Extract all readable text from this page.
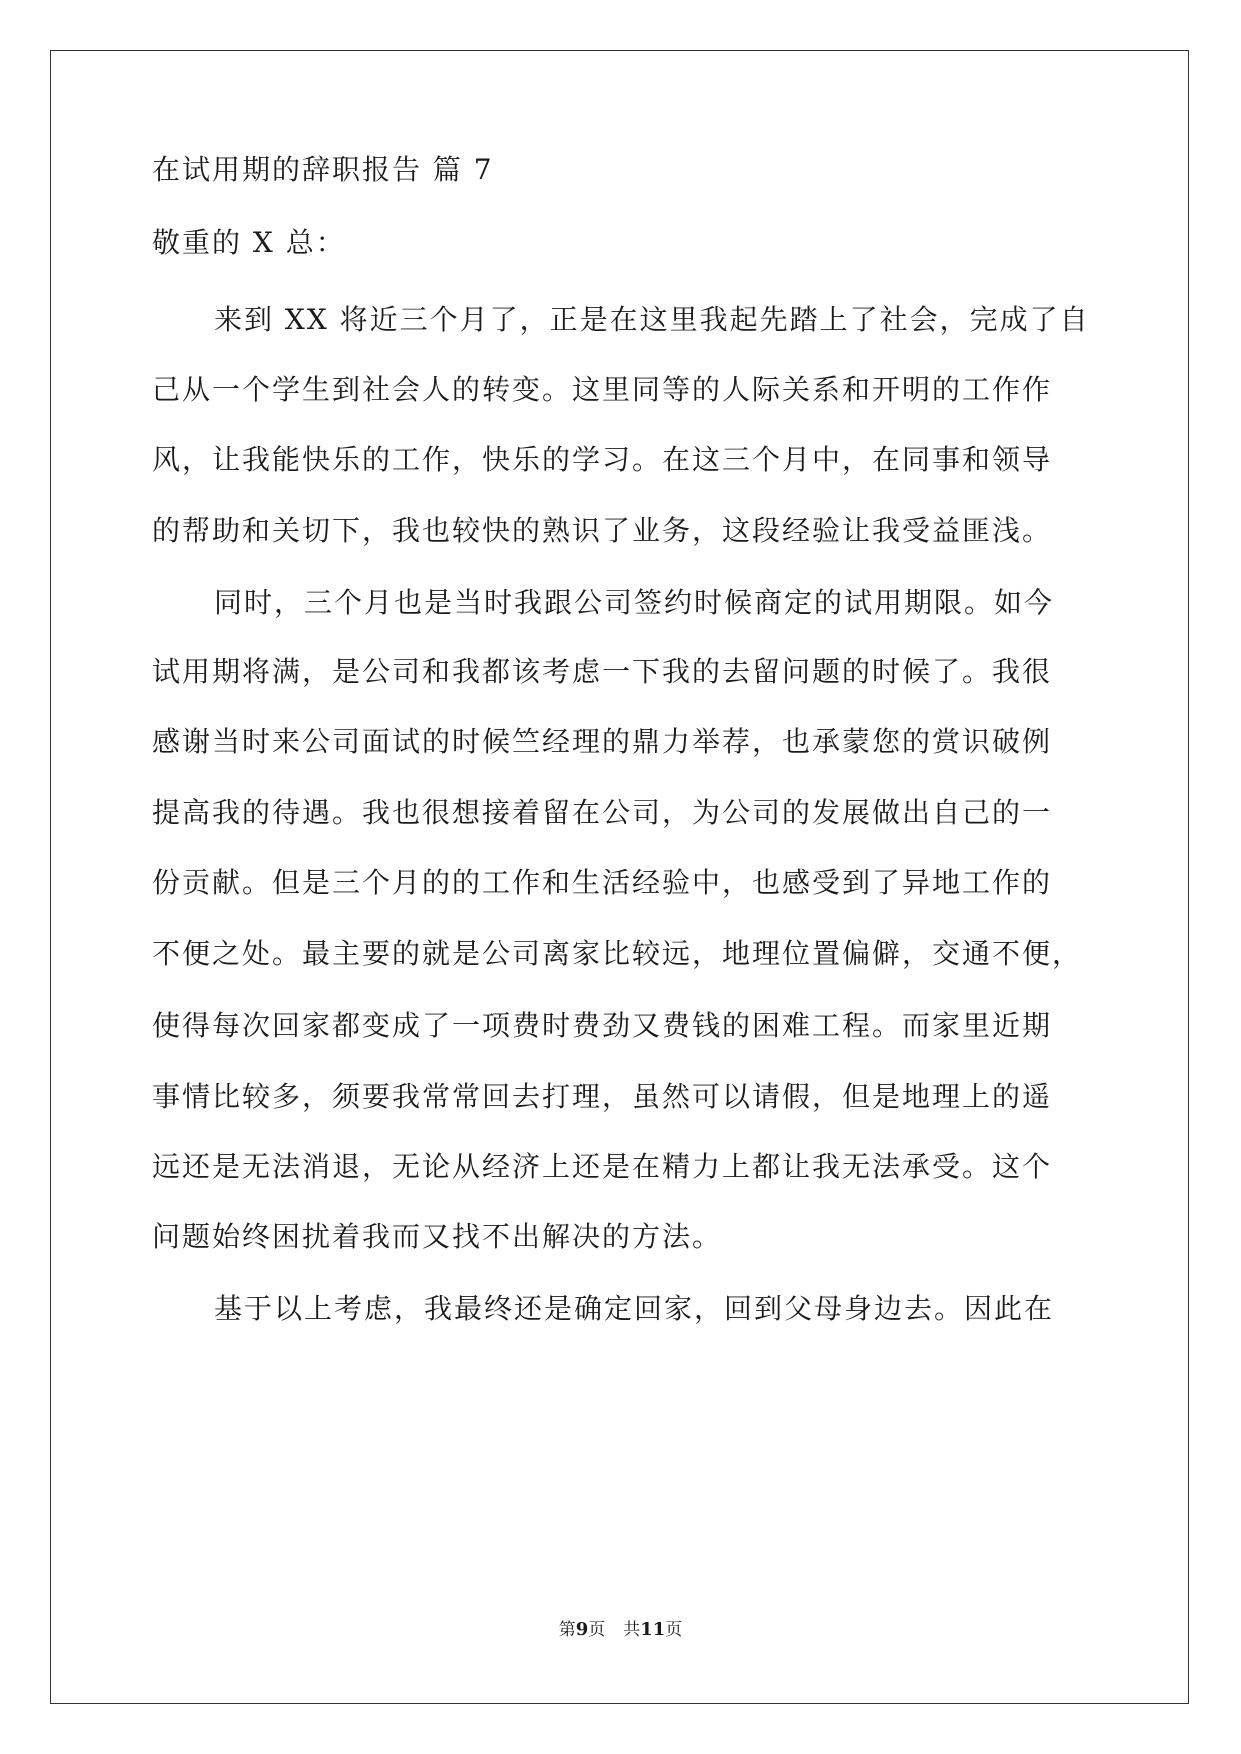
在试用期的辞职报告 篇 7
敬重的 X 总：
来到 XX 将近三个月了，正是在这里我起先踏上了社会，完成了自
己从一个学生到社会人的转变。这里同等的人际关系和开明的工作作
风，让我能快乐的工作，快乐的学习。在这三个月中，在同事和领导
的帮助和关切下，我也较快的熟识了业务，这段经验让我受益匪浅。
同时，三个月也是当时我跟公司签约时候商定的试用期限。如今
试用期将满，是公司和我都该考虑一下我的去留问题的时候了。我很
感谢当时来公司面试的时候竺经理的鼎力举荐，也承蒙您的赏识破例
提高我的待遇。我也很想接着留在公司，为公司的发展做出自己的一
份贡献。但是三个月的的工作和生活经验中，也感受到了异地工作的
不便之处。最主要的就是公司离家比较远，地理位置偏僻，交通不便，
使得每次回家都变成了一项费时费劲又费钱的困难工程。而家里近期
事情比较多，须要我常常回去打理，虽然可以请假，但是地理上的遥
远还是无法消退，无论从经济上还是在精力上都让我无法承受。这个
问题始终困扰着我而又找不出解决的方法。
基于以上考虑，我最终还是确定回家，回到父母身边去。因此在
第9页 共11页
